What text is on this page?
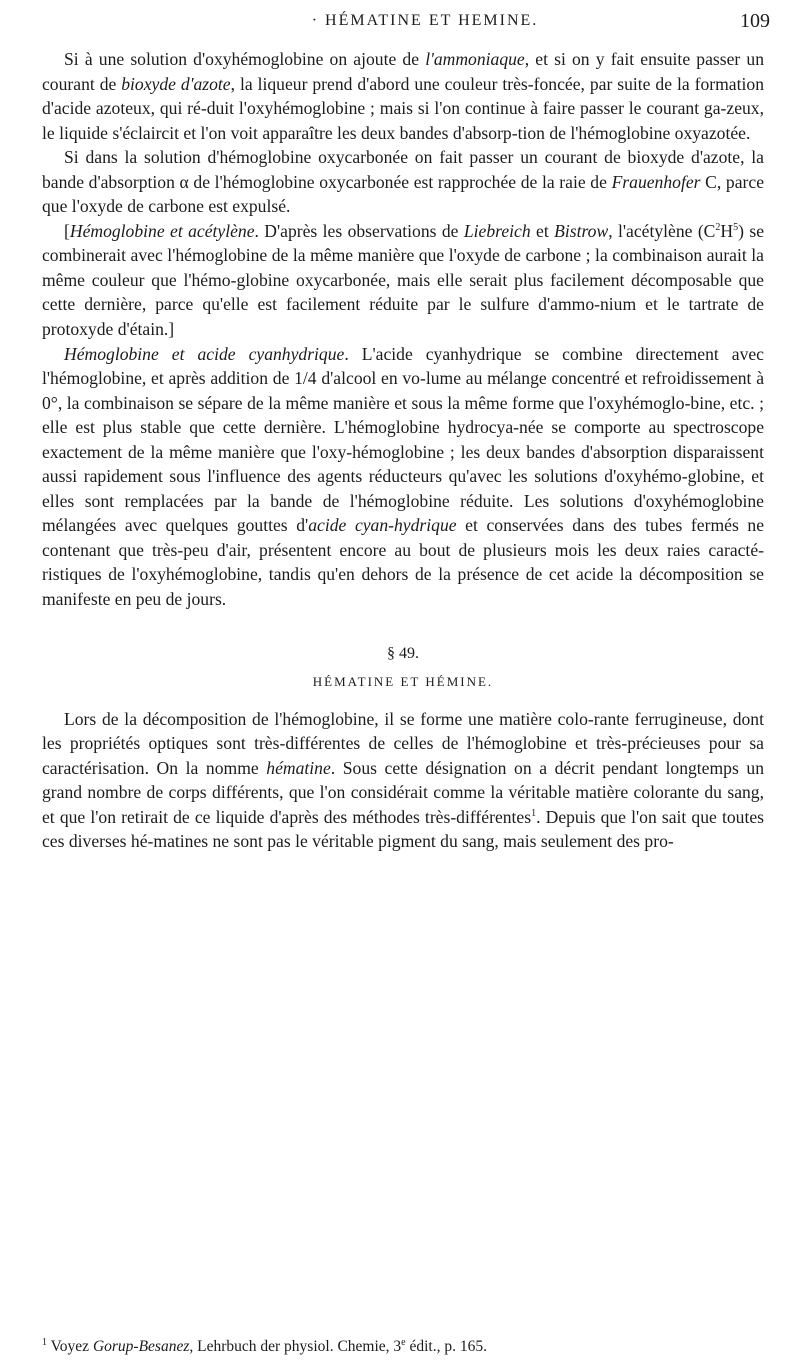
· HÉMATINE ET HEMINE.	109

Si à une solution d'oxyhémoglobine on ajoute de l'ammoniaque, et si on y fait ensuite passer un courant de bioxyde d'azote, la liqueur prend d'abord une couleur très-foncée, par suite de la formation d'acide azoteux, qui ré-duit l'oxyhémoglobine ; mais si l'on continue à faire passer le courant ga-zeux, le liquide s'éclaircit et l'on voit apparaître les deux bandes d'absorp-tion de l'hémoglobine oxyazotée.

Si dans la solution d'hémoglobine oxycarbonée on fait passer un courant de bioxyde d'azote, la bande d'absorption α de l'hémoglobine oxycarbonée est rapprochée de la raie de Frauenhofer C, parce que l'oxyde de carbone est expulsé.

[Hémoglobine et acétylène. D'après les observations de Liebreich et Bistrow, l'acétylène $(C^2H^5)$ se combinerait avec l'hémoglobine de la même manière que l'oxyde de carbone ; la combinaison aurait la même couleur que l'hémo-globine oxycarbonée, mais elle serait plus facilement décomposable que cette dernière, parce qu'elle est facilement réduite par le sulfure d'ammo-nium et le tartrate de protoxyde d'étain.]

Hémoglobine et acide cyanhydrique. L'acide cyanhydrique se combine directement avec l'hémoglobine, et après addition de 1/4 d'alcool en vo-lume au mélange concentré et refroidissement à 0°, la combinaison se sépare de la même manière et sous la même forme que l'oxyhémoglo-bine, etc. ; elle est plus stable que cette dernière. L'hémoglobine hydrocya-née se comporte au spectroscope exactement de la même manière que l'oxy-hémoglobine ; les deux bandes d'absorption disparaissent aussi rapidement sous l'influence des agents réducteurs qu'avec les solutions d'oxyhémo-globine, et elles sont remplacées par la bande de l'hémoglobine réduite. Les solutions d'oxyhémoglobine mélangées avec quelques gouttes d'acide cyan-hydrique et conservées dans des tubes fermés ne contenant que très-peu d'air, présentent encore au bout de plusieurs mois les deux raies caracté-ristiques de l'oxyhémoglobine, tandis qu'en dehors de la présence de cet acide la décomposition se manifeste en peu de jours.

§ 49.
HÉMATINE ET HÉMINE.

Lors de la décomposition de l'hémoglobine, il se forme une matière colo-rante ferrugineuse, dont les propriétés optiques sont très-différentes de celles de l'hémoglobine et très-précieuses pour sa caractérisation. On la nomme hématine. Sous cette désignation on a décrit pendant longtemps un grand nombre de corps différents, que l'on considérait comme la véritable matière colorante du sang, et que l'on retirait de ce liquide d'après des méthodes très-différentes$^1$. Depuis que l'on sait que toutes ces diverses hé-matines ne sont pas le véritable pigment du sang, mais seulement des pro-

$^1$ Voyez Gorup-Besanez, Lehrbuch der physiol. Chemie, 3e édit., p. 165.
